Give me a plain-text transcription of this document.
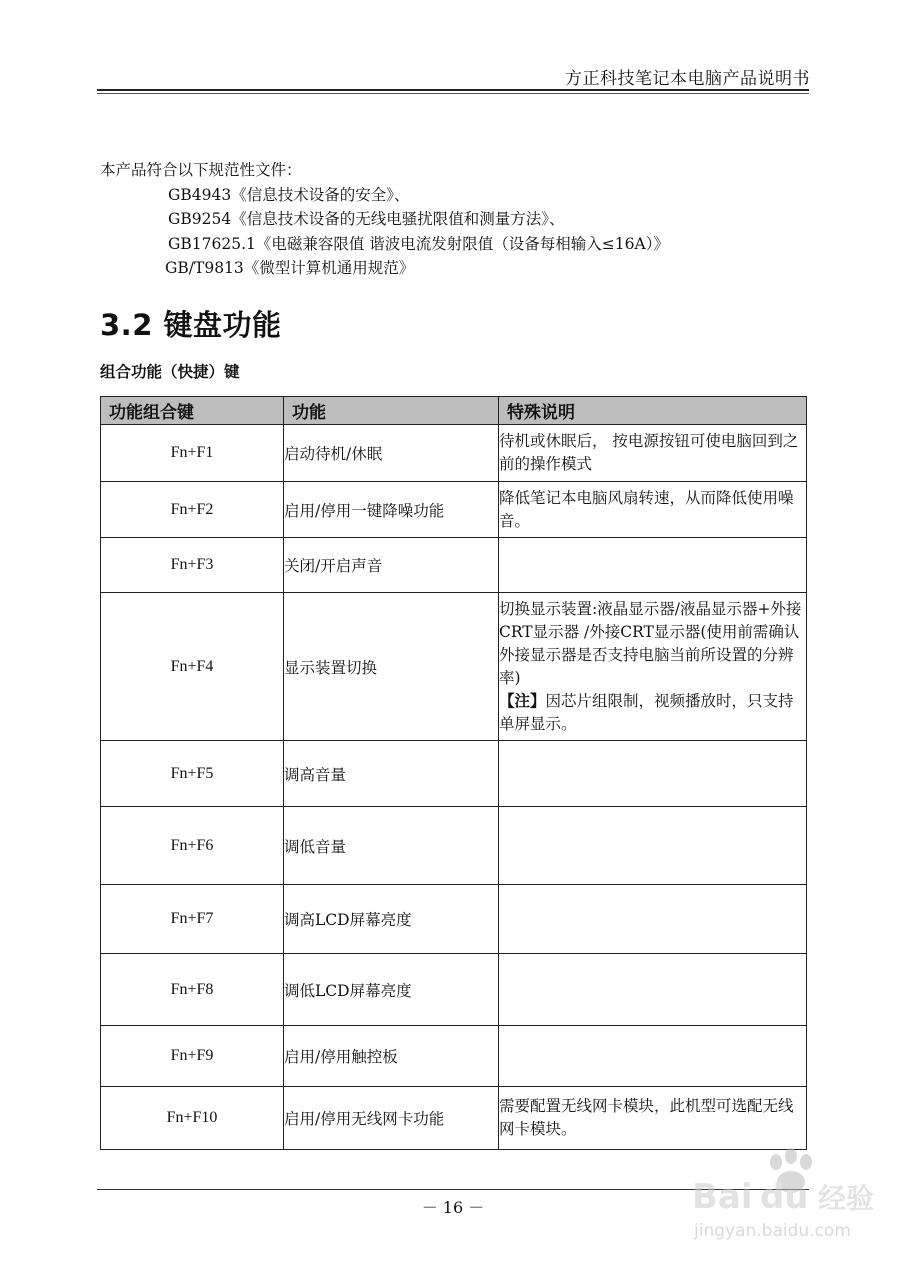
方正科技笔记本电脑产品说明书
本产品符合以下规范性文件：
GB4943《信息技术设备的安全》、
GB9254《信息技术设备的无线电骚扰限值和测量方法》、
GB17625.1《电磁兼容限值 谐波电流发射限值（设备每相输入≤16A）》
GB/T9813《微型计算机通用规范》
3.2 键盘功能
组合功能（快捷）键
功能组合键	功能	特殊说明
Fn+F1	启动待机/休眠	待机或休眠后， 按电源按钮可使电脑回到之前的操作模式
Fn+F2	启用/停用一键降噪功能	降低笔记本电脑风扇转速，从而降低使用噪音。
Fn+F3	关闭/开启声音	
Fn+F4	显示装置切换	切换显示装置:液晶显示器/液晶显示器+外接CRT显示器 /外接CRT显示器(使用前需确认外接显示器是否支持电脑当前所设置的分辨率)
【注】因芯片组限制，视频播放时，只支持单屏显示。
Fn+F5	调高音量	
Fn+F6	调低音量	
Fn+F7	调高LCD屏幕亮度	
Fn+F8	调低LCD屏幕亮度	
Fn+F9	启用/停用触控板	
Fn+F10	启用/停用无线网卡功能	需要配置无线网卡模块，此机型可选配无线网卡模块。
－ 16 －	Bai du 经验
jingyan.baidu.com
